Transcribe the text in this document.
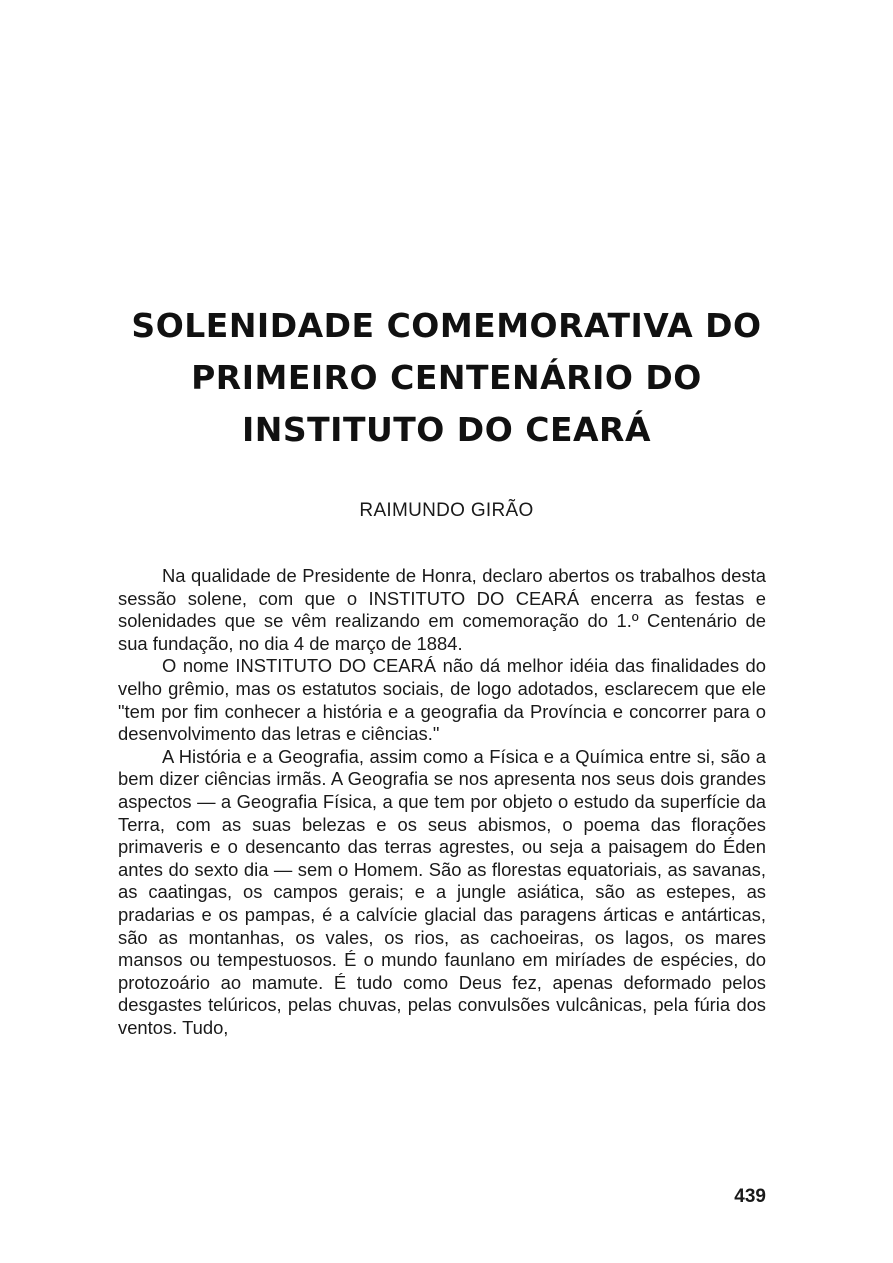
SOLENIDADE COMEMORATIVA DO
PRIMEIRO CENTENÁRIO DO
INSTITUTO DO CEARÁ

RAIMUNDO GIRÃO

Na qualidade de Presidente de Honra, declaro abertos os trabalhos desta sessão solene, com que o INSTITUTO DO CEARÁ encerra as festas e solenidades que se vêm realizando em comemoração do 1.º Centenário de sua fundação, no dia 4 de março de 1884.

O nome INSTITUTO DO CEARÁ não dá melhor idéia das finalidades do velho grêmio, mas os estatutos sociais, de logo adotados, esclarecem que ele "tem por fim conhecer a história e a geografia da Província e concorrer para o desenvolvimento das letras e ciências."

A História e a Geografia, assim como a Física e a Química entre si, são a bem dizer ciências irmãs. A Geografia se nos apresenta nos seus dois grandes aspectos — a Geografia Física, a que tem por objeto o estudo da superfície da Terra, com as suas belezas e os seus abismos, o poema das florações primaveris e o desencanto das terras agrestes, ou seja a paisagem do Éden antes do sexto dia — sem o Homem. São as florestas equatoriais, as savanas, as caatingas, os campos gerais; e a jungle asiática, são as estepes, as pradarias e os pampas, é a calvície glacial das paragens árticas e antárticas, são as montanhas, os vales, os rios, as cachoeiras, os lagos, os mares mansos ou tempestuosos. É o mundo faunlano em miríades de espécies, do protozoário ao mamute. É tudo como Deus fez, apenas deformado pelos desgastes telúricos, pelas chuvas, pelas convulsões vulcânicas, pela fúria dos ventos. Tudo,

439
